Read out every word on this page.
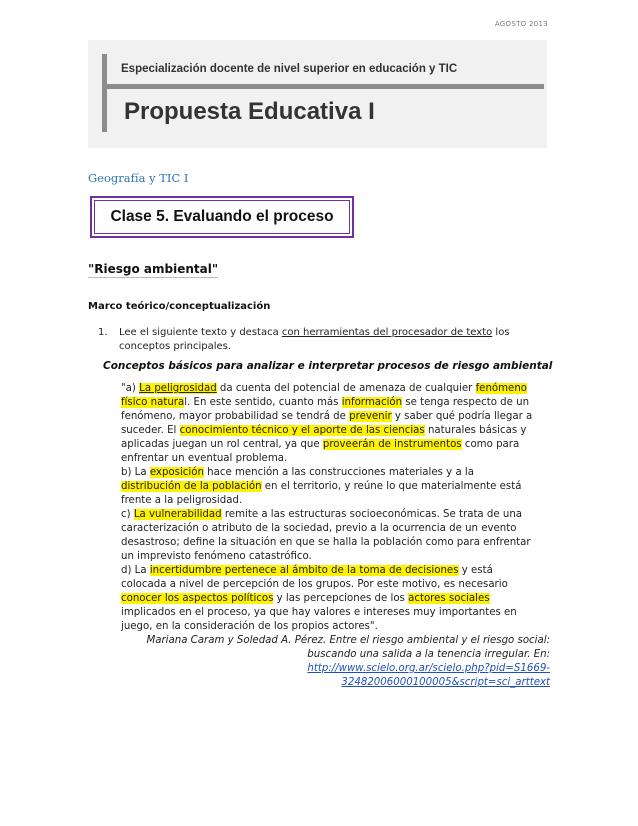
AGOSTO 2013
Especialización docente de nivel superior en educación y TIC
Propuesta Educativa I
Geografía y TIC I
Clase 5. Evaluando el proceso
"Riesgo ambiental"
Marco teórico/conceptualización
1. Lee el siguiente texto y destaca con herramientas del procesador de texto los conceptos principales.
Conceptos básicos para analizar e interpretar procesos de riesgo ambiental
"a) La peligrosidad da cuenta del potencial de amenaza de cualquier fenómeno
físico natural. En este sentido, cuanto más información se tenga respecto de un
fenómeno, mayor probabilidad se tendrá de prevenir y saber qué podría llegar a
suceder. El conocimiento técnico y el aporte de las ciencias naturales básicas y
aplicadas juegan un rol central, ya que proveerán de instrumentos como para
enfrentar un eventual problema.
b) La exposición hace mención a las construcciones materiales y a la
distribución de la población en el territorio, y reúne lo que materialmente está
frente a la peligrosidad.
c) La vulnerabilidad remite a las estructuras socioeconómicas. Se trata de una
caracterización o atributo de la sociedad, previo a la ocurrencia de un evento
desastroso; define la situación en que se halla la población como para enfrentar
un imprevisto fenómeno catastrófico.
d) La incertidumbre pertenece al ámbito de la toma de decisiones y está
colocada a nivel de percepción de los grupos. Por este motivo, es necesario
conocer los aspectos políticos y las percepciones de los actores sociales
implicados en el proceso, ya que hay valores e intereses muy importantes en
juego, en la consideración de los propios actores".
Mariana Caram y Soledad A. Pérez. Entre el riesgo ambiental y el riesgo social:
buscando una salida a la tenencia irregular. En:
http://www.scielo.org.ar/scielo.php?pid=S1669-
32482006000100005&script=sci_arttext
